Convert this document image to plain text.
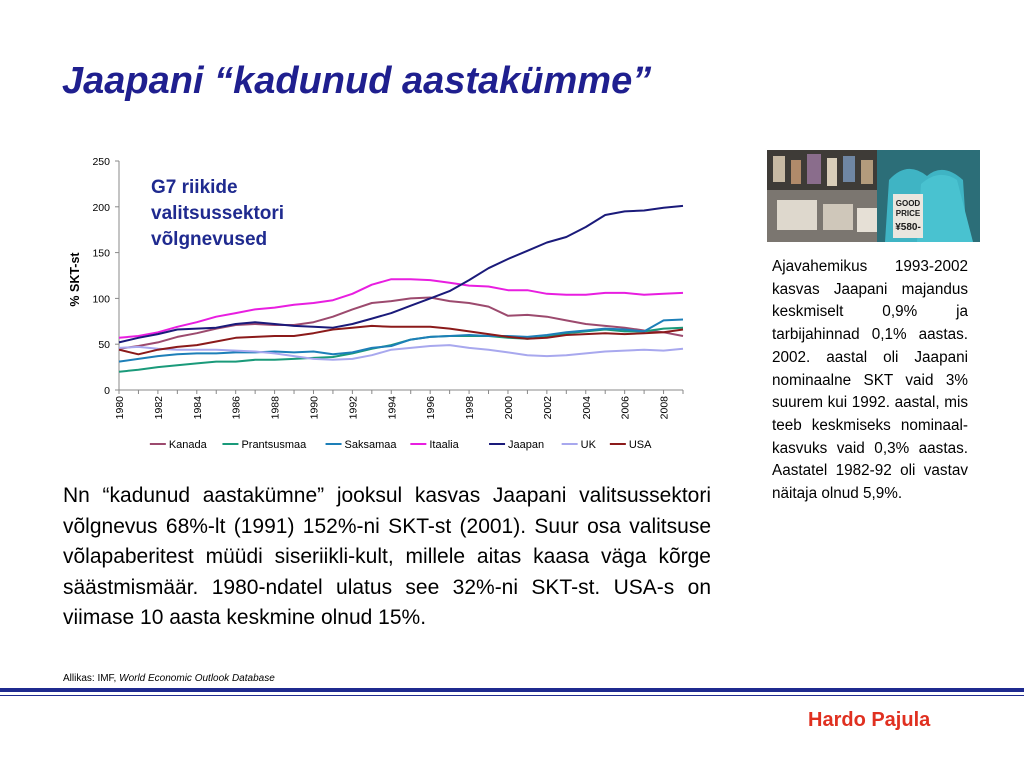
Jaapani “kadunud aastakümme”
0
50
100
150
200
250
1980	1982	1984	1986	1988	1990	1992	1994	1996	1998	2000	2002	2004	2006	2008
% SKT-st
Kanada	Prantsusmaa	Saksamaa	Itaalia	Jaapan	UK	USA
G7 riikide
valitsussektori
võlgnevused
GOOD
PRICE
¥580-
Ajavahemikus 1993-2002 kasvas Jaapani majandus keskmiselt 0,9% ja tarbijahinnad 0,1% aastas. 2002. aastal oli Jaapani nominaalne SKT vaid 3% suurem kui 1992. aastal, mis teeb keskmiseks nominaal-kasvuks vaid 0,3% aastas. Aastatel 1982-92 oli vastav näitaja olnud 5,9%.
Nn “kadunud aastakümne” jooksul kasvas Jaapani valitsussektori võlgnevus 68%-lt (1991) 152%-ni SKT-st (2001). Suur osa valitsuse võlapaberitest müüdi siseriikli-kult, millele aitas kaasa väga kõrge säästmismäär. 1980-ndatel ulatus see 32%-ni SKT-st. USA-s on viimase 10 aasta keskmine olnud 15%.
Allikas: IMF, World Economic Outlook Database
Hardo Pajula
